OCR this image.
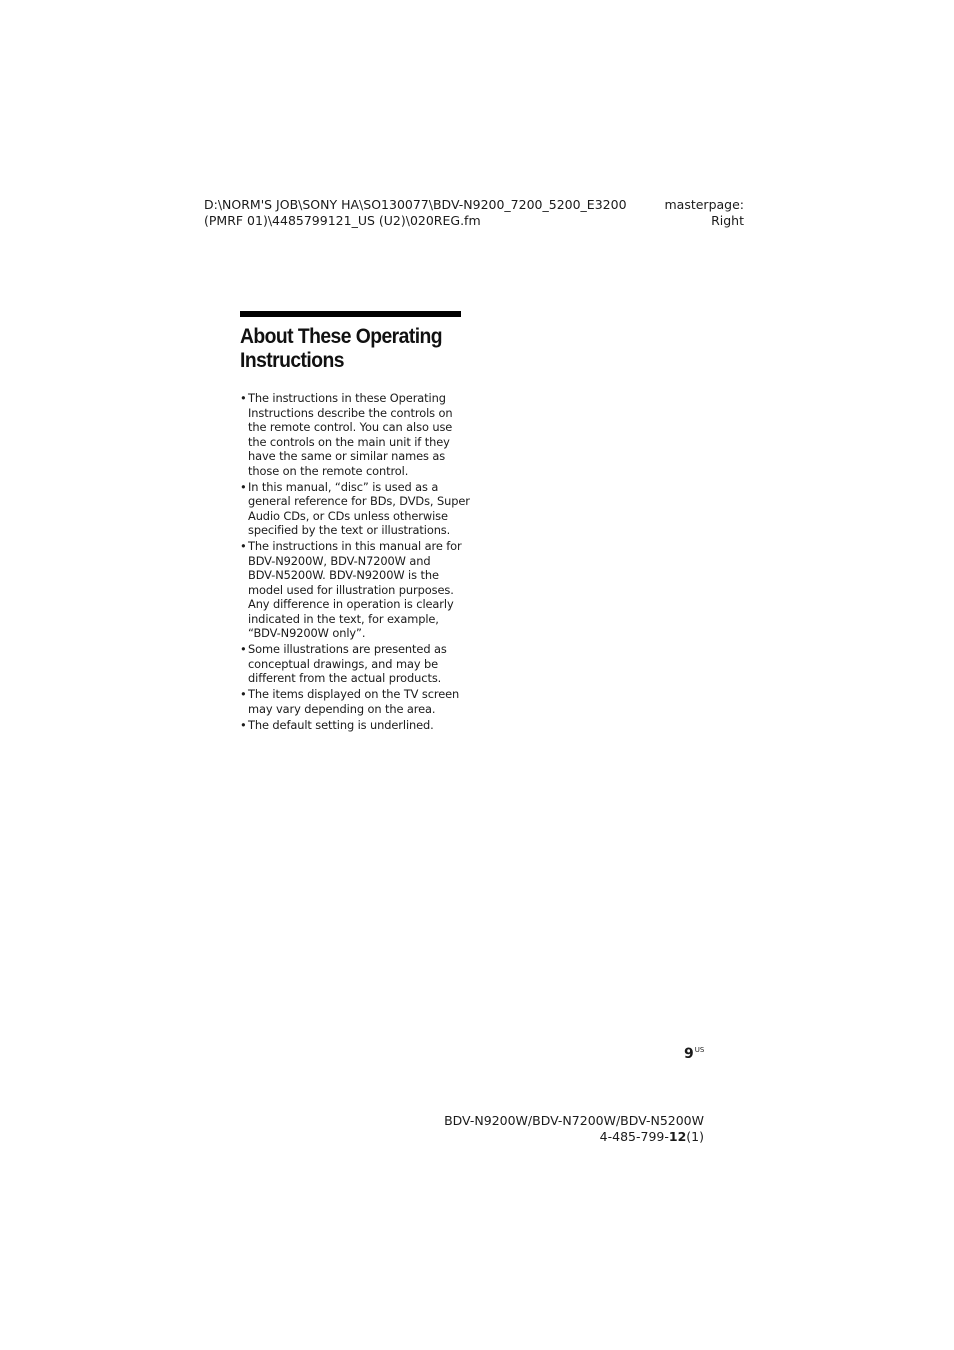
D:\NORM'S JOB\SONY HA\SO130077\BDV-N9200_7200_5200_E3200
(PMRF 01)\4485799121_US (U2)\020REG.fm
masterpage:
Right
About These Operating
Instructions
• The instructions in these Operating
Instructions describe the controls on
the remote control. You can also use
the controls on the main unit if they
have the same or similar names as
those on the remote control.
• In this manual, “disc” is used as a
general reference for BDs, DVDs, Super
Audio CDs, or CDs unless otherwise
specified by the text or illustrations.
• The instructions in this manual are for
BDV-N9200W, BDV-N7200W and
BDV-N5200W. BDV-N9200W is the
model used for illustration purposes.
Any difference in operation is clearly
indicated in the text, for example,
“BDV-N9200W only”.
• Some illustrations are presented as
conceptual drawings, and may be
different from the actual products.
• The items displayed on the TV screen
may vary depending on the area.
• The default setting is underlined.
$9^{US}$
BDV-N9200W/BDV-N7200W/BDV-N5200W
4-485-799-12(1)
